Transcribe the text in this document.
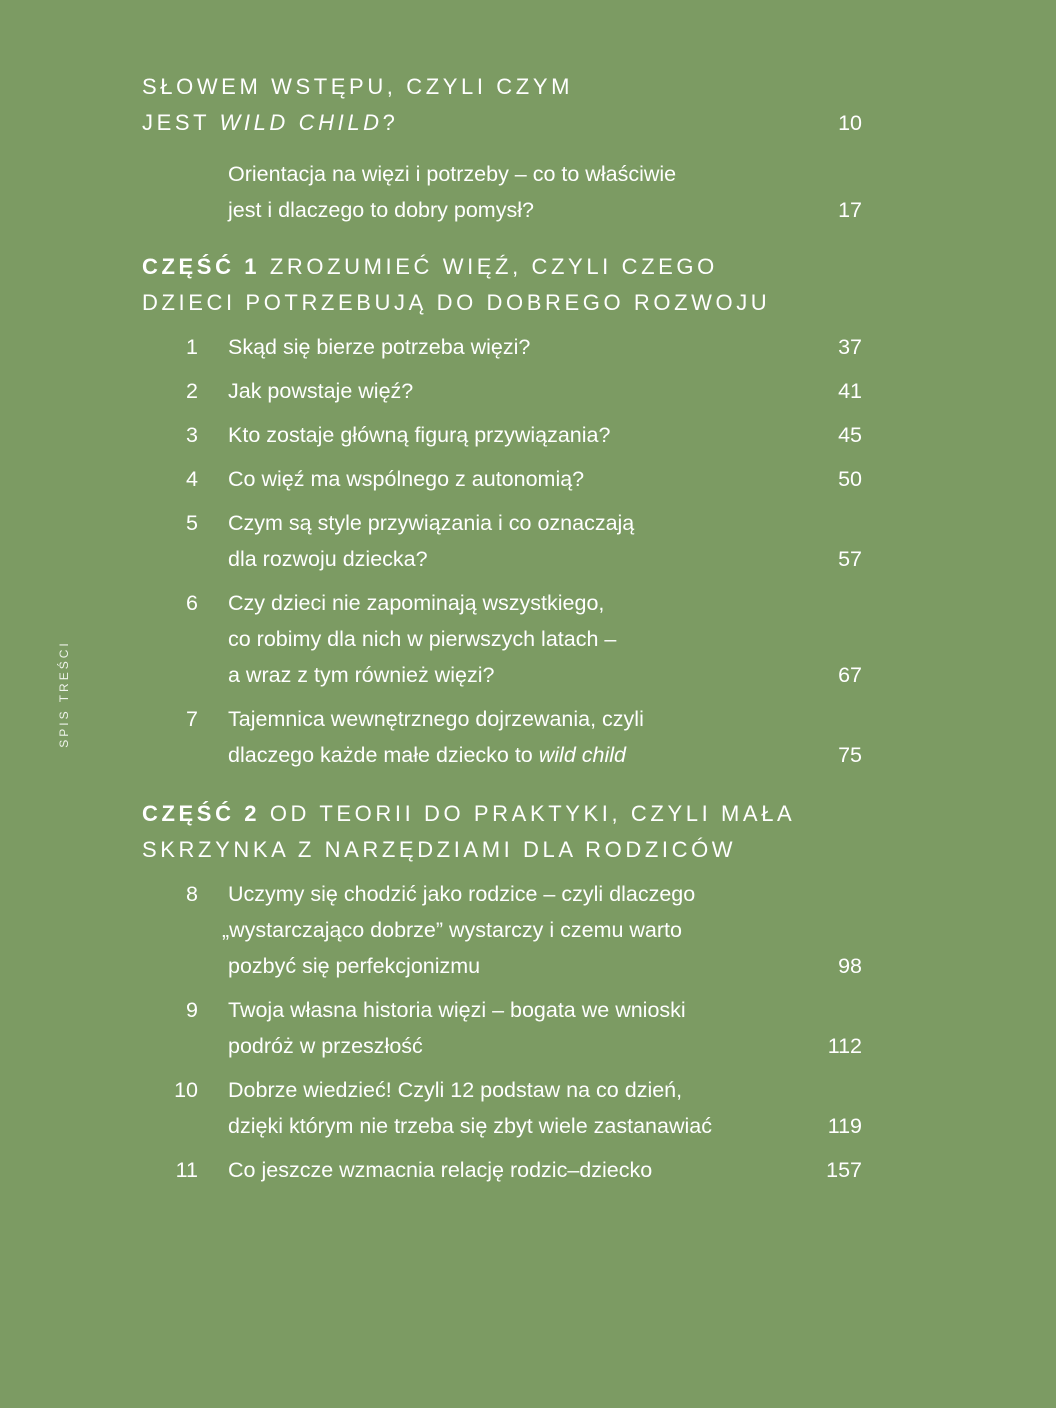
SPIS TREŚCI
SŁOWEM WSTĘPU, CZYLI CZYM
JEST WILD CHILD?	10
Orientacja na więzi i potrzeby – co to właściwie
jest i dlaczego to dobry pomysł?	17
CZĘŚĆ 1 ZROZUMIEĆ WIĘŹ, CZYLI CZEGO
DZIECI POTRZEBUJĄ DO DOBREGO ROZWOJU
1 Skąd się bierze potrzeba więzi?	37
2 Jak powstaje więź?	41
3 Kto zostaje główną figurą przywiązania?	45
4 Co więź ma wspólnego z autonomią?	50
5 Czym są style przywiązania i co oznaczają
dla rozwoju dziecka?	57
6 Czy dzieci nie zapominają wszystkiego,
co robimy dla nich w pierwszych latach –
a wraz z tym również więzi?	67
7 Tajemnica wewnętrznego dojrzewania, czyli
dlaczego każde małe dziecko to wild child	75
CZĘŚĆ 2 OD TEORII DO PRAKTYKI, CZYLI MAŁA
SKRZYNKA Z NARZĘDZIAMI DLA RODZICÓW
8 Uczymy się chodzić jako rodzice – czyli dlaczego
„wystarczająco dobrze” wystarczy i czemu warto
pozbyć się perfekcjonizmu	98
9 Twoja własna historia więzi – bogata we wnioski
podróż w przeszłość	112
10 Dobrze wiedzieć! Czyli 12 podstaw na co dzień,
dzięki którym nie trzeba się zbyt wiele zastanawiać	119
11 Co jeszcze wzmacnia relację rodzic–dziecko	157
